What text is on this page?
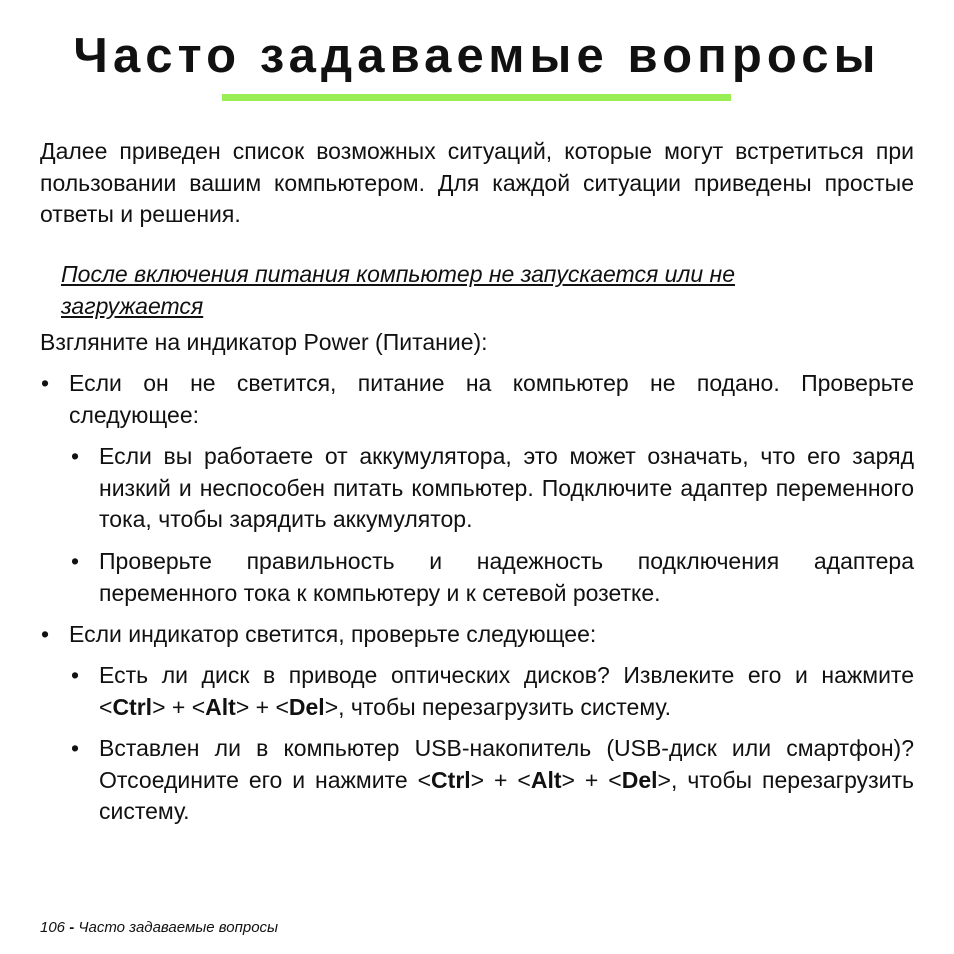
Часто задаваемые вопросы

Далее приведен список возможных ситуаций, которые могут встретиться при пользовании вашим компьютером. Для каждой ситуации приведены простые ответы и решения.

После включения питания компьютер не запускается или не загружается

Взгляните на индикатор Power (Питание):

• Если он не светится, питание на компьютер не подано. Проверьте следующее:
• Если вы работаете от аккумулятора, это может означать, что его заряд низкий и неспособен питать компьютер. Подключите адаптер переменного тока, чтобы зарядить аккумулятор.
• Проверьте правильность и надежность подключения адаптера переменного тока к компьютеру и к сетевой розетке.
• Если индикатор светится, проверьте следующее:
• Есть ли диск в приводе оптических дисков? Извлеките его и нажмите <Ctrl> + <Alt> + <Del>, чтобы перезагрузить систему.
• Вставлен ли в компьютер USB-накопитель (USB-диск или смартфон)? Отсоедините его и нажмите <Ctrl> + <Alt> + <Del>, чтобы перезагрузить систему.

106 - Часто задаваемые вопросы
